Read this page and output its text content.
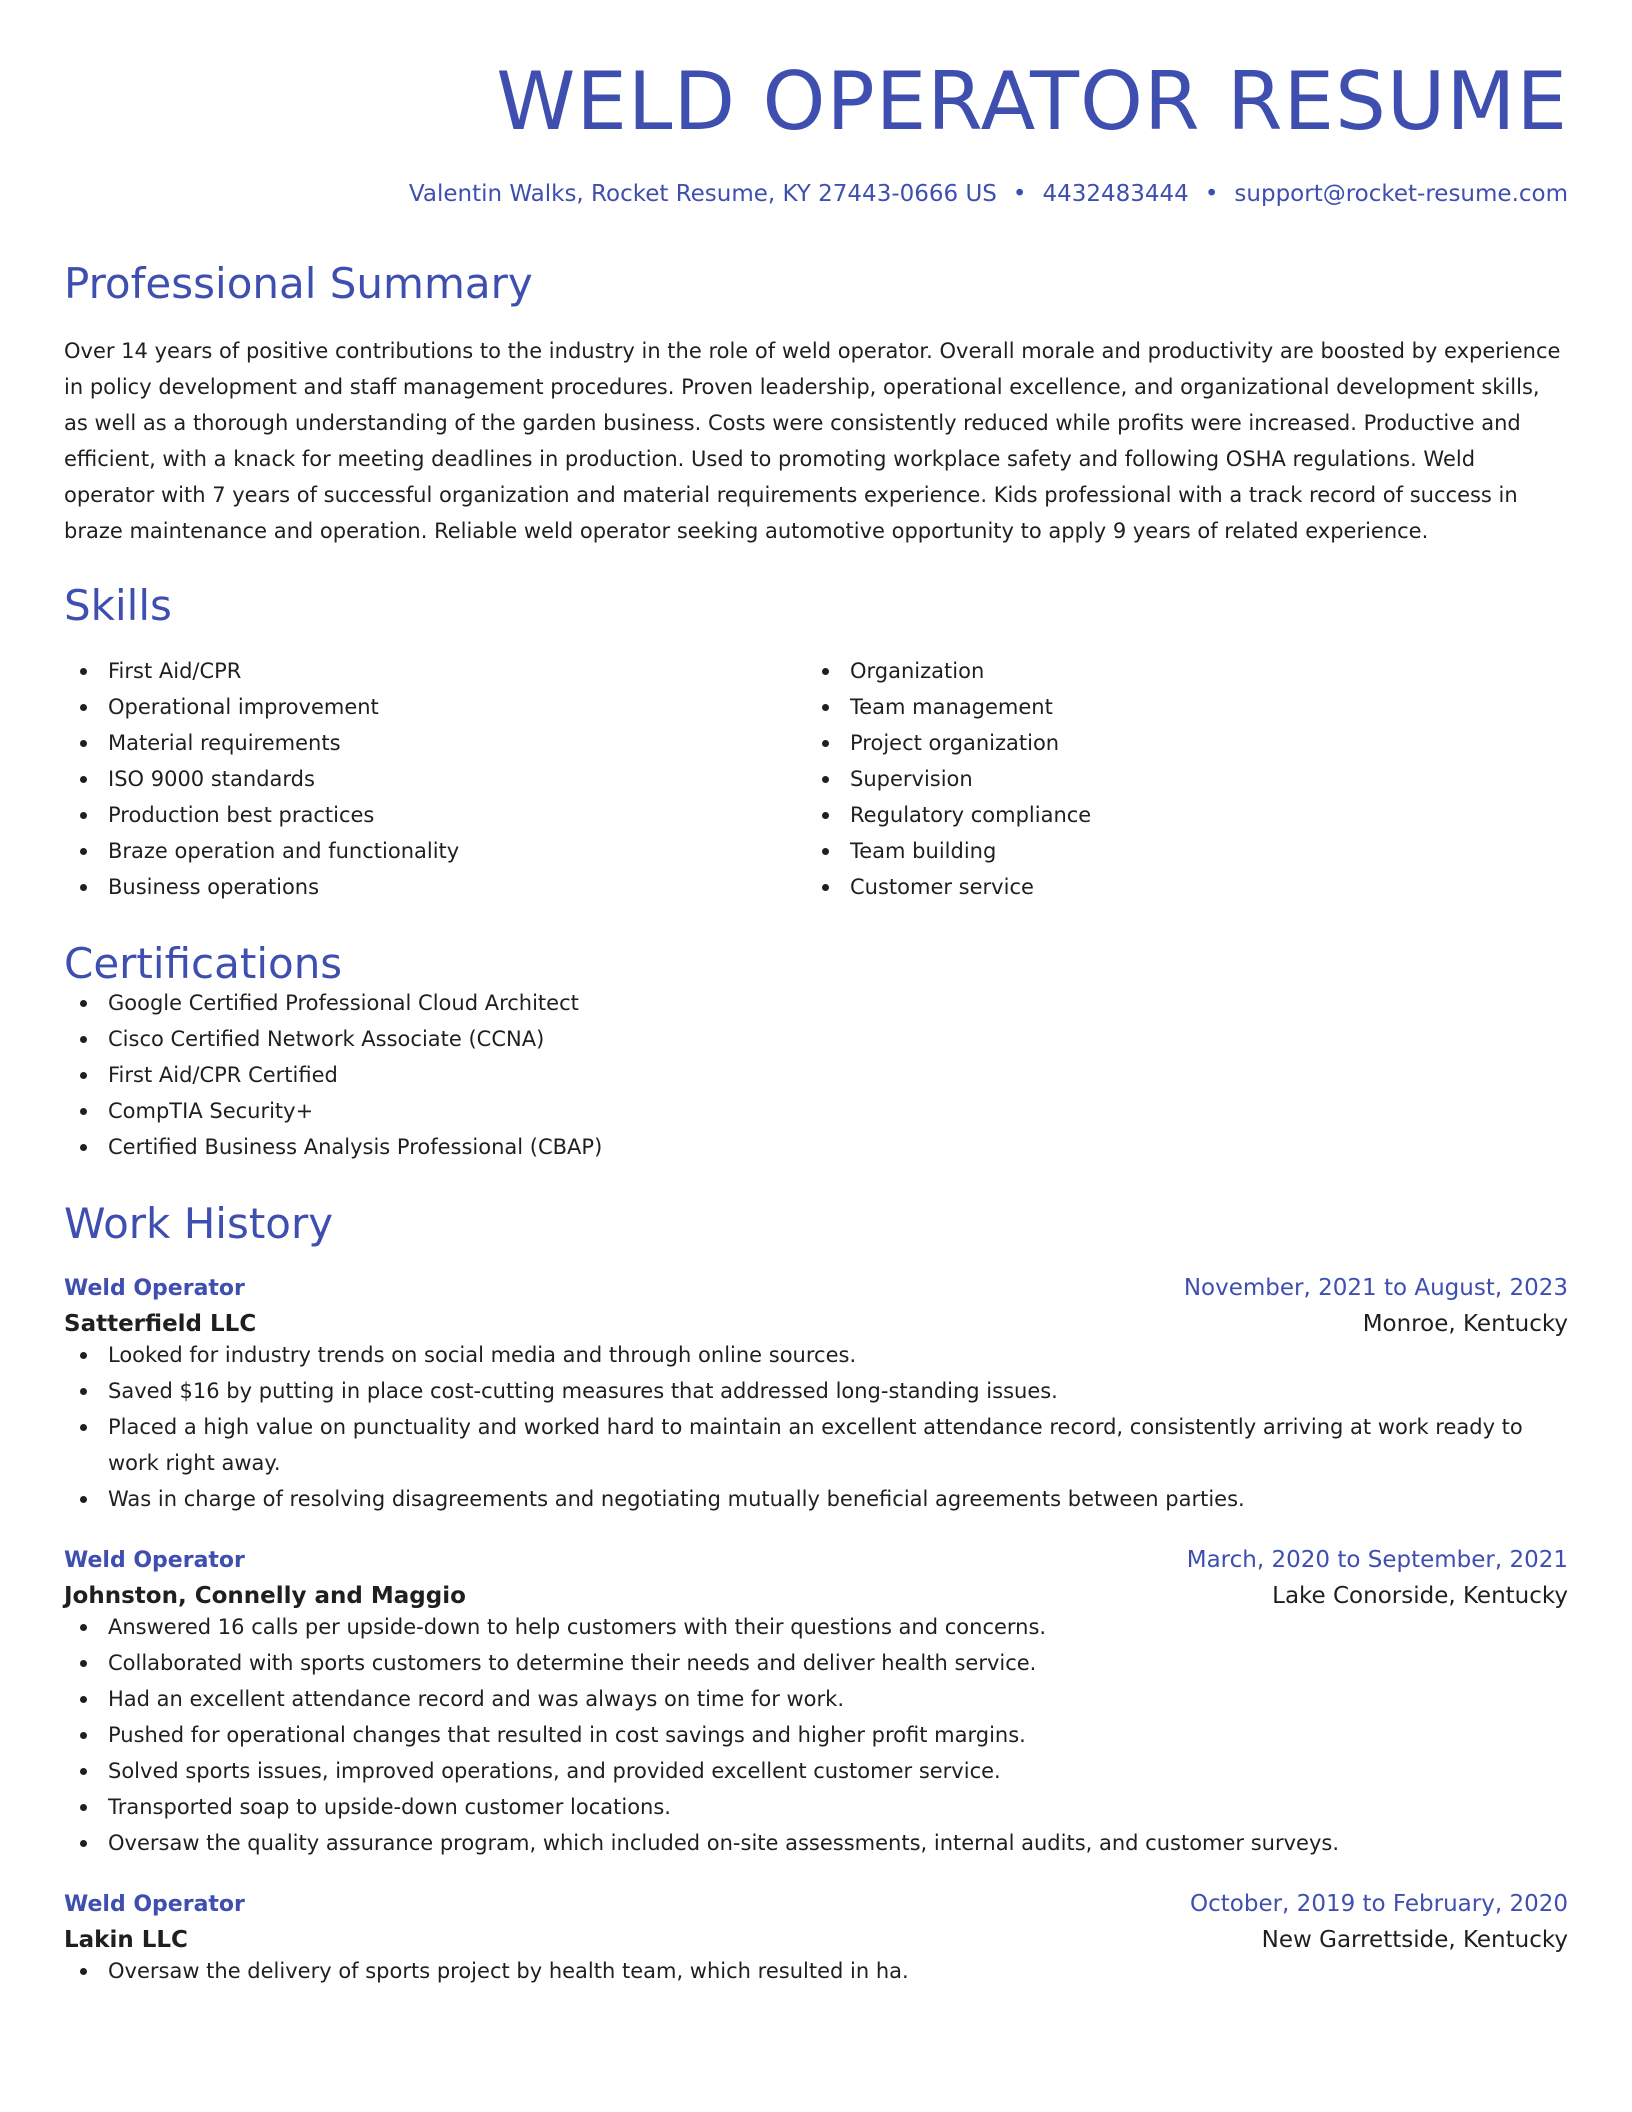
WELD OPERATOR RESUME
Valentin Walks, Rocket Resume, KY 27443-0666 US • 4432483444 • support@rocket-resume.com
Professional Summary
Over 14 years of positive contributions to the industry in the role of weld operator. Overall morale and productivity are boosted by experience in policy development and staff management procedures. Proven leadership, operational excellence, and organizational development skills, as well as a thorough understanding of the garden business. Costs were consistently reduced while profits were increased. Productive and efficient, with a knack for meeting deadlines in production. Used to promoting workplace safety and following OSHA regulations. Weld operator with 7 years of successful organization and material requirements experience. Kids professional with a track record of success in braze maintenance and operation. Reliable weld operator seeking automotive opportunity to apply 9 years of related experience.
Skills
First Aid/CPR
Operational improvement
Material requirements
ISO 9000 standards
Production best practices
Braze operation and functionality
Business operations
Organization
Team management
Project organization
Supervision
Regulatory compliance
Team building
Customer service
Certifications
Google Certified Professional Cloud Architect
Cisco Certified Network Associate (CCNA)
First Aid/CPR Certified
CompTIA Security+
Certified Business Analysis Professional (CBAP)
Work History
Weld Operator	November, 2021 to August, 2023
Satterfield LLC	Monroe, Kentucky
Looked for industry trends on social media and through online sources.
Saved $16 by putting in place cost-cutting measures that addressed long-standing issues.
Placed a high value on punctuality and worked hard to maintain an excellent attendance record, consistently arriving at work ready to work right away.
Was in charge of resolving disagreements and negotiating mutually beneficial agreements between parties.
Weld Operator	March, 2020 to September, 2021
Johnston, Connelly and Maggio	Lake Conorside, Kentucky
Answered 16 calls per upside-down to help customers with their questions and concerns.
Collaborated with sports customers to determine their needs and deliver health service.
Had an excellent attendance record and was always on time for work.
Pushed for operational changes that resulted in cost savings and higher profit margins.
Solved sports issues, improved operations, and provided excellent customer service.
Transported soap to upside-down customer locations.
Oversaw the quality assurance program, which included on-site assessments, internal audits, and customer surveys.
Weld Operator	October, 2019 to February, 2020
Lakin LLC	New Garrettside, Kentucky
Oversaw the delivery of sports project by health team, which resulted in ha.
